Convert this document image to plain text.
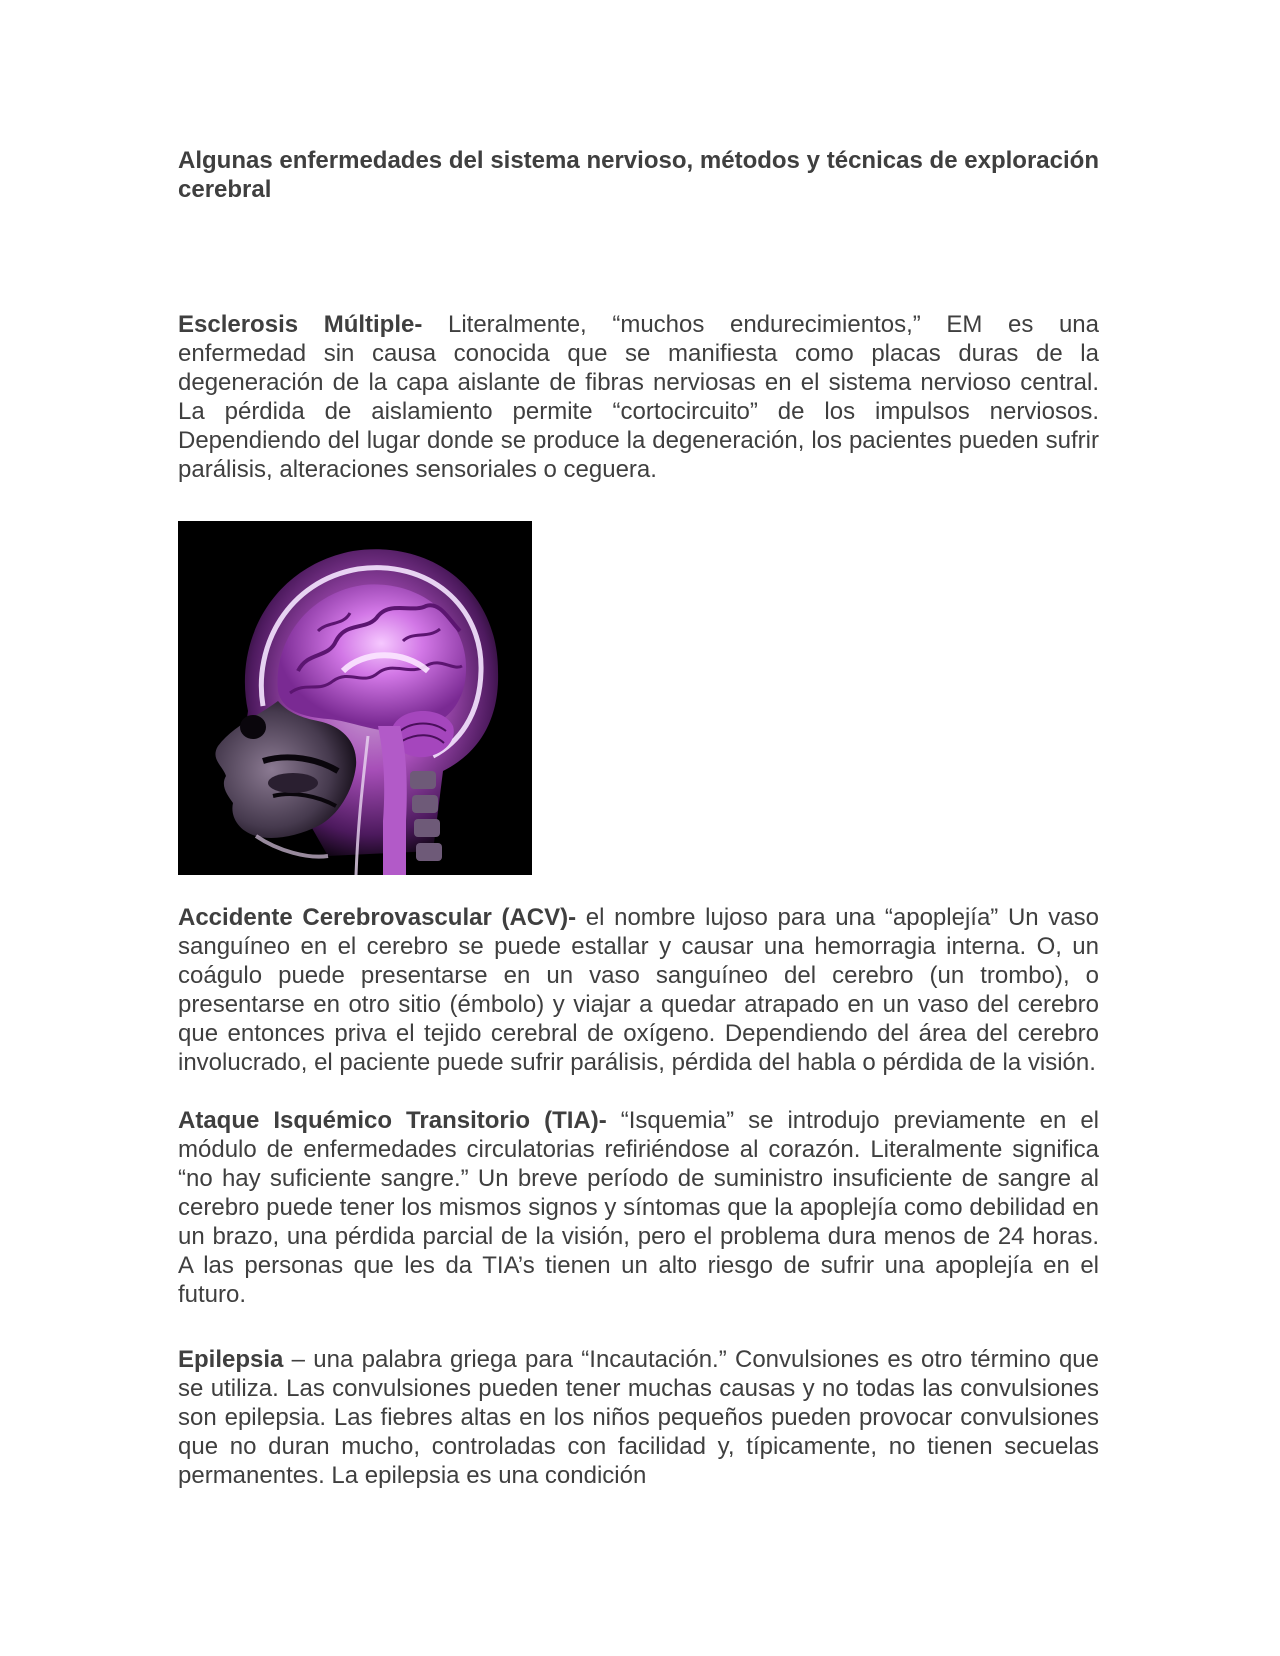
Algunas enfermedades del sistema nervioso, métodos y técnicas de exploración cerebral

Esclerosis Múltiple- Literalmente, “muchos endurecimientos,” EM es una enfermedad sin causa conocida que se manifiesta como placas duras de la degeneración de la capa aislante de fibras nerviosas en el sistema nervioso central. La pérdida de aislamiento permite “cortocircuito” de los impulsos nerviosos. Dependiendo del lugar donde se produce la degeneración, los pacientes pueden sufrir parálisis, alteraciones sensoriales o ceguera.

Accidente Cerebrovascular (ACV)- el nombre lujoso para una “apoplejía” Un vaso sanguíneo en el cerebro se puede estallar y causar una hemorragia interna. O, un coágulo puede presentarse en un vaso sanguíneo del cerebro (un trombo), o presentarse en otro sitio (émbolo) y viajar a quedar atrapado en un vaso del cerebro que entonces priva el tejido cerebral de oxígeno. Dependiendo del área del cerebro involucrado, el paciente puede sufrir parálisis, pérdida del habla o pérdida de la visión.

Ataque Isquémico Transitorio (TIA)- “Isquemia” se introdujo previamente en el módulo de enfermedades circulatorias refiriéndose al corazón. Literalmente significa “no hay suficiente sangre.” Un breve período de suministro insuficiente de sangre al cerebro puede tener los mismos signos y síntomas que la apoplejía como debilidad en un brazo, una pérdida parcial de la visión, pero el problema dura menos de 24 horas. A las personas que les da TIA’s tienen un alto riesgo de sufrir una apoplejía en el futuro.

Epilepsia – una palabra griega para “Incautación.” Convulsiones es otro término que se utiliza. Las convulsiones pueden tener muchas causas y no todas las convulsiones son epilepsia. Las fiebres altas en los niños pequeños pueden provocar convulsiones que no duran mucho, controladas con facilidad y, típicamente, no tienen secuelas permanentes. La epilepsia es una condición
